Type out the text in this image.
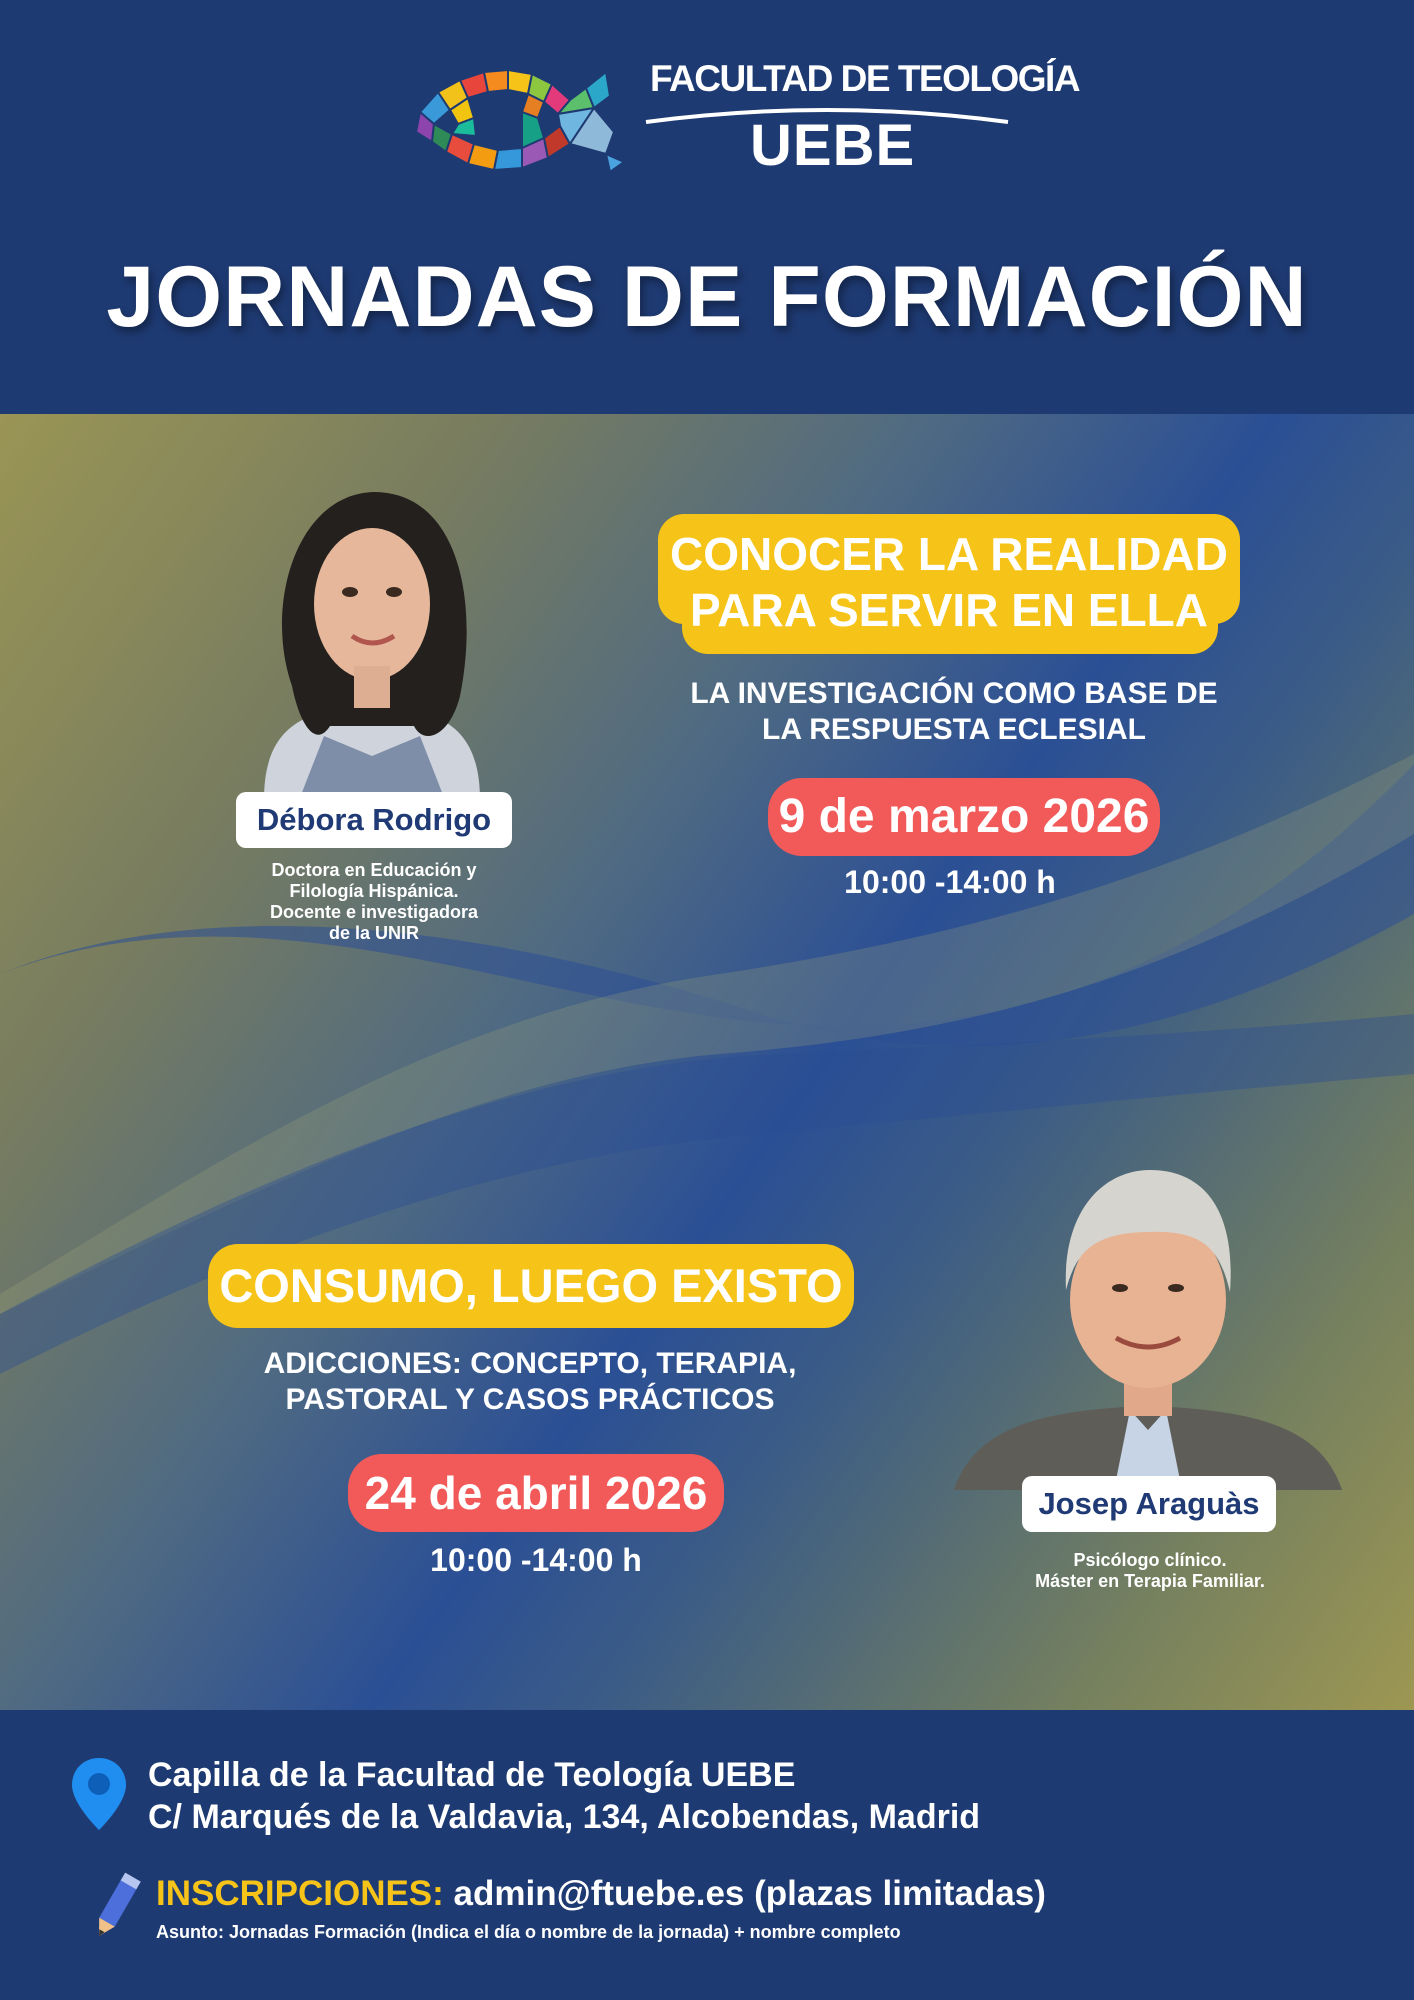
FACULTAD DE TEOLOGÍA
UEBE
JORNADAS DE FORMACIÓN
Débora Rodrigo
Doctora en Educación y
Filología Hispánica.
Docente e investigadora
de la UNIR
CONOCER LA REALIDAD
PARA SERVIR EN ELLA
LA INVESTIGACIÓN COMO BASE DE
LA RESPUESTA ECLESIAL
9 de marzo 2026
10:00 -14:00 h
CONSUMO, LUEGO EXISTO
ADICCIONES: CONCEPTO, TERAPIA,
PASTORAL Y CASOS PRÁCTICOS
24 de abril 2026
10:00 -14:00 h
Josep Araguàs
Psicólogo clínico.
Máster en Terapia Familiar.
Capilla de la Facultad de Teología UEBE
C/ Marqués de la Valdavia, 134, Alcobendas, Madrid
INSCRIPCIONES: admin@ftuebe.es (plazas limitadas)
Asunto: Jornadas Formación (Indica el día o nombre de la jornada) + nombre completo
